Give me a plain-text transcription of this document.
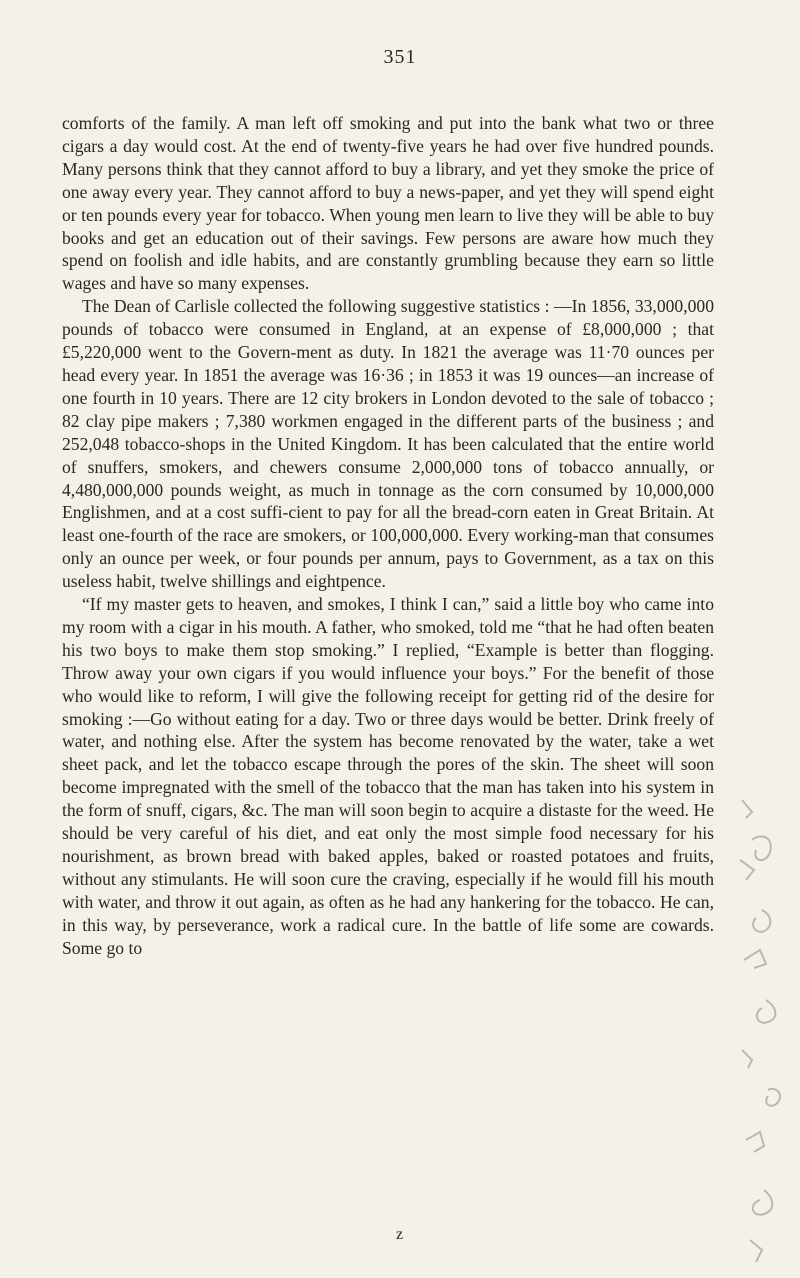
351

comforts of the family. A man left off smoking and put into the bank what two or three cigars a day would cost. At the end of twenty-five years he had over five hundred pounds. Many persons think that they cannot afford to buy a library, and yet they smoke the price of one away every year. They cannot afford to buy a news-paper, and yet they will spend eight or ten pounds every year for tobacco. When young men learn to live they will be able to buy books and get an education out of their savings. Few persons are aware how much they spend on foolish and idle habits, and are constantly grumbling because they earn so little wages and have so many expenses.

The Dean of Carlisle collected the following suggestive statistics : —In 1856, 33,000,000 pounds of tobacco were consumed in England, at an expense of £8,000,000 ; that £5,220,000 went to the Govern-ment as duty. In 1821 the average was 11·70 ounces per head every year. In 1851 the average was 16·36 ; in 1853 it was 19 ounces—an increase of one fourth in 10 years. There are 12 city brokers in London devoted to the sale of tobacco ; 82 clay pipe makers ; 7,380 workmen engaged in the different parts of the business ; and 252,048 tobacco-shops in the United Kingdom. It has been calculated that the entire world of snuffers, smokers, and chewers consume 2,000,000 tons of tobacco annually, or 4,480,000,000 pounds weight, as much in tonnage as the corn consumed by 10,000,000 Englishmen, and at a cost suffi-cient to pay for all the bread-corn eaten in Great Britain. At least one-fourth of the race are smokers, or 100,000,000. Every working-man that consumes only an ounce per week, or four pounds per annum, pays to Government, as a tax on this useless habit, twelve shillings and eightpence.

“If my master gets to heaven, and smokes, I think I can,” said a little boy who came into my room with a cigar in his mouth. A father, who smoked, told me “that he had often beaten his two boys to make them stop smoking.” I replied, “Example is better than flogging. Throw away your own cigars if you would influence your boys.” For the benefit of those who would like to reform, I will give the following receipt for getting rid of the desire for smoking :—Go without eating for a day. Two or three days would be better. Drink freely of water, and nothing else. After the system has become renovated by the water, take a wet sheet pack, and let the tobacco escape through the pores of the skin. The sheet will soon become impregnated with the smell of the tobacco that the man has taken into his system in the form of snuff, cigars, &c. The man will soon begin to acquire a distaste for the weed. He should be very careful of his diet, and eat only the most simple food necessary for his nourishment, as brown bread with baked apples, baked or roasted potatoes and fruits, without any stimulants. He will soon cure the craving, especially if he would fill his mouth with water, and throw it out again, as often as he had any hankering for the tobacco. He can, in this way, by perseverance, work a radical cure. In the battle of life some are cowards. Some go to

z
